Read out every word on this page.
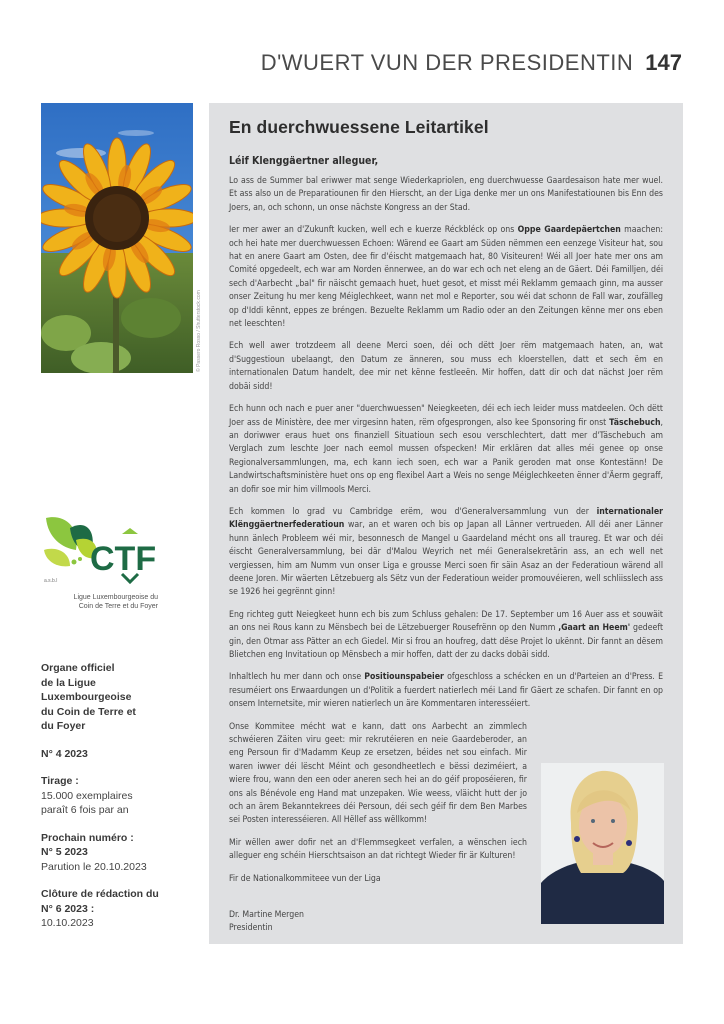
D'WUERT VUN DER PRESIDENTIN 147
© Passero Rosso / Shutterstock.com
CTF
a.s.b.l
Ligue Luxembourgeoise du
Coin de Terre et du Foyer
Organe officiel
de la Ligue
Luxembourgeoise
du Coin de Terre et
du Foyer
N° 4 2023
Tirage :
15.000 exemplaires
paraît 6 fois par an
Prochain numéro :
N° 5 2023
Parution le 20.10.2023
Clôture de rédaction du
N° 6 2023 :
10.10.2023
En duerchwuessene Leitartikel
Léif Klenggäertner alleguer,

Lo ass de Summer bal eriwwer mat senge Wiederkapriolen, eng duerchwuesse Gaardesaison hate mer wuel. Et ass also un de Preparatiounen fir den Hierscht, an der Liga denke mer un ons Manifestatiounen bis Enn des Joers, an, och schonn, un onse nächste Kongress an der Stad.

Ier mer awer an d'Zukunft kucken, well ech e kuerze Réckbléck op ons Oppe Gaardepäertchen maachen: och hei hate mer duerchwuessen Echoen: Wärend ee Gaart am Süden nëmmen een eenzege Visiteur hat, sou hat en anere Gaart am Osten, dee fir d'éischt matgemaach hat, 80 Visiteuren! Wéi all Joer hate mer ons am Comité opgedeelt, ech war am Norden ënnerwee, an do war ech och net eleng an de Gäert. Déi Familljen, déi sech d'Aarbecht „bal" fir näischt gemaach huet, huet gesot, et misst méi Reklamm gemaach ginn, ma ausser onser Zeitung hu mer keng Méiglechkeet, wann net mol e Reporter, sou wéi dat schonn de Fall war, zoufälleg op d'Iddi kënnt, eppes ze bréngen. Bezuelte Reklamm um Radio oder an den Zeitungen kënne mer ons eben net leeschten!

Ech well awer trotzdeem all deene Merci soen, déi och dëtt Joer rëm matgemaach haten, an, wat d'Suggestioun ubelaangt, den Datum ze änneren, sou muss ech kloerstellen, datt et sech ëm en internationalen Datum handelt, dee mir net kënne festleeën. Mir hoffen, datt dir och dat nächst Joer rëm dobäi sidd!

Ech hunn och nach e puer aner "duerchwuessen" Neiegkeeten, déi ech iech leider muss matdeelen. Och dëtt Joer ass de Ministère, dee mer virgesinn haten, rëm ofgesprongen, also kee Sponsoring fir onst Täschebuch, an doriwwer eraus huet ons finanziell Situatioun sech esou verschlechtert, datt mer d'Täschebuch am Verglach zum leschte Joer nach eemol mussen ofspecken! Mir erklären dat alles méi genee op onse Regionalversammlungen, ma, ech kann iech soen, ech war a Panik geroden mat onse Kontestänn! De Landwirtschaftsministère huet ons op eng flexibel Aart a Weis no senge Méiglechkeeten ënner d'Äerm gegraff, an dofir soe mir him villmools Merci.

Ech kommen lo grad vu Cambridge erëm, wou d'Generalversammlung vun der internationaler Klënggäertnerfederatioun war, an et waren och bis op Japan all Länner vertrueden. All déi aner Länner hunn änlech Probleem wéi mir, besonnesch de Mangel u Gaardeland mécht ons all traureg. Et war och déi éischt Generalversammlung, bei där d'Malou Weyrich net méi Generalsekretärin ass, an ech well net vergiessen, him am Numm vun onser Liga e grousse Merci soen fir säin Asaz an der Federatioun wärend all deene Joren. Mir wäerten Lëtzebuerg als Sëtz vun der Federatioun weider promouvéieren, well schliisslech ass se 1926 hei gegrënnt ginn!

Eng richteg gutt Neiegkeet hunn ech bis zum Schluss gehalen: De 17. September um 16 Auer ass et souwäit an ons nei Rous kann zu Mënsbech bei de Lëtzebuerger Rousefrënn op den Numm ‚Gaart an Heem' gedeeft gin, den Otmar ass Pätter an ech Giedel. Mir si frou an houfreg, datt dëse Projet lo ukënnt. Dir fannt an dësem Blietchen eng Invitatioun op Mënsbech a mir hoffen, datt der zu dacks dobäi sidd.

Inhaltlech hu mer dann och onse Positiounspabeier ofgeschloss a schécken en un d'Parteien an d'Press. E resuméiert ons Erwaardungen un d'Politik a fuerdert natierlech méi Land fir Gäert ze schafen. Dir fannt en op onsem Internetsite, mir wieren natierlech un äre Kommentaren interesséiert.

Onse Kommitee mécht wat e kann, datt ons Aarbecht an zimmlech schwéieren Zäiten viru geet: mir rekrutéieren en neie Gaardeberoder, an eng Persoun fir d'Madamm Keup ze ersetzen, béides net sou einfach. Mir waren iwwer déi lëscht Méint och gesondheetlech e bëssi deziméiert, a wiere frou, wann den een oder aneren sech hei an do géif proposéieren, fir ons als Bénévole eng Hand mat unzepaken. Wie weess, vläicht hutt der jo och an ärem Bekanntekrees déi Persoun, déi sech géif fir dem Ben Marbes sei Posten interesséieren. All Hëllef ass wëllkomm!

Mir wëllen awer dofir net an d'Flemmsegkeet verfalen, a wënschen iech alleguer eng schéin Hierschtsaison an dat richtegt Wieder fir är Kulturen!

Fir de Nationalkommiteee vun der Liga
Dr. Martine Mergen
Presidentin
